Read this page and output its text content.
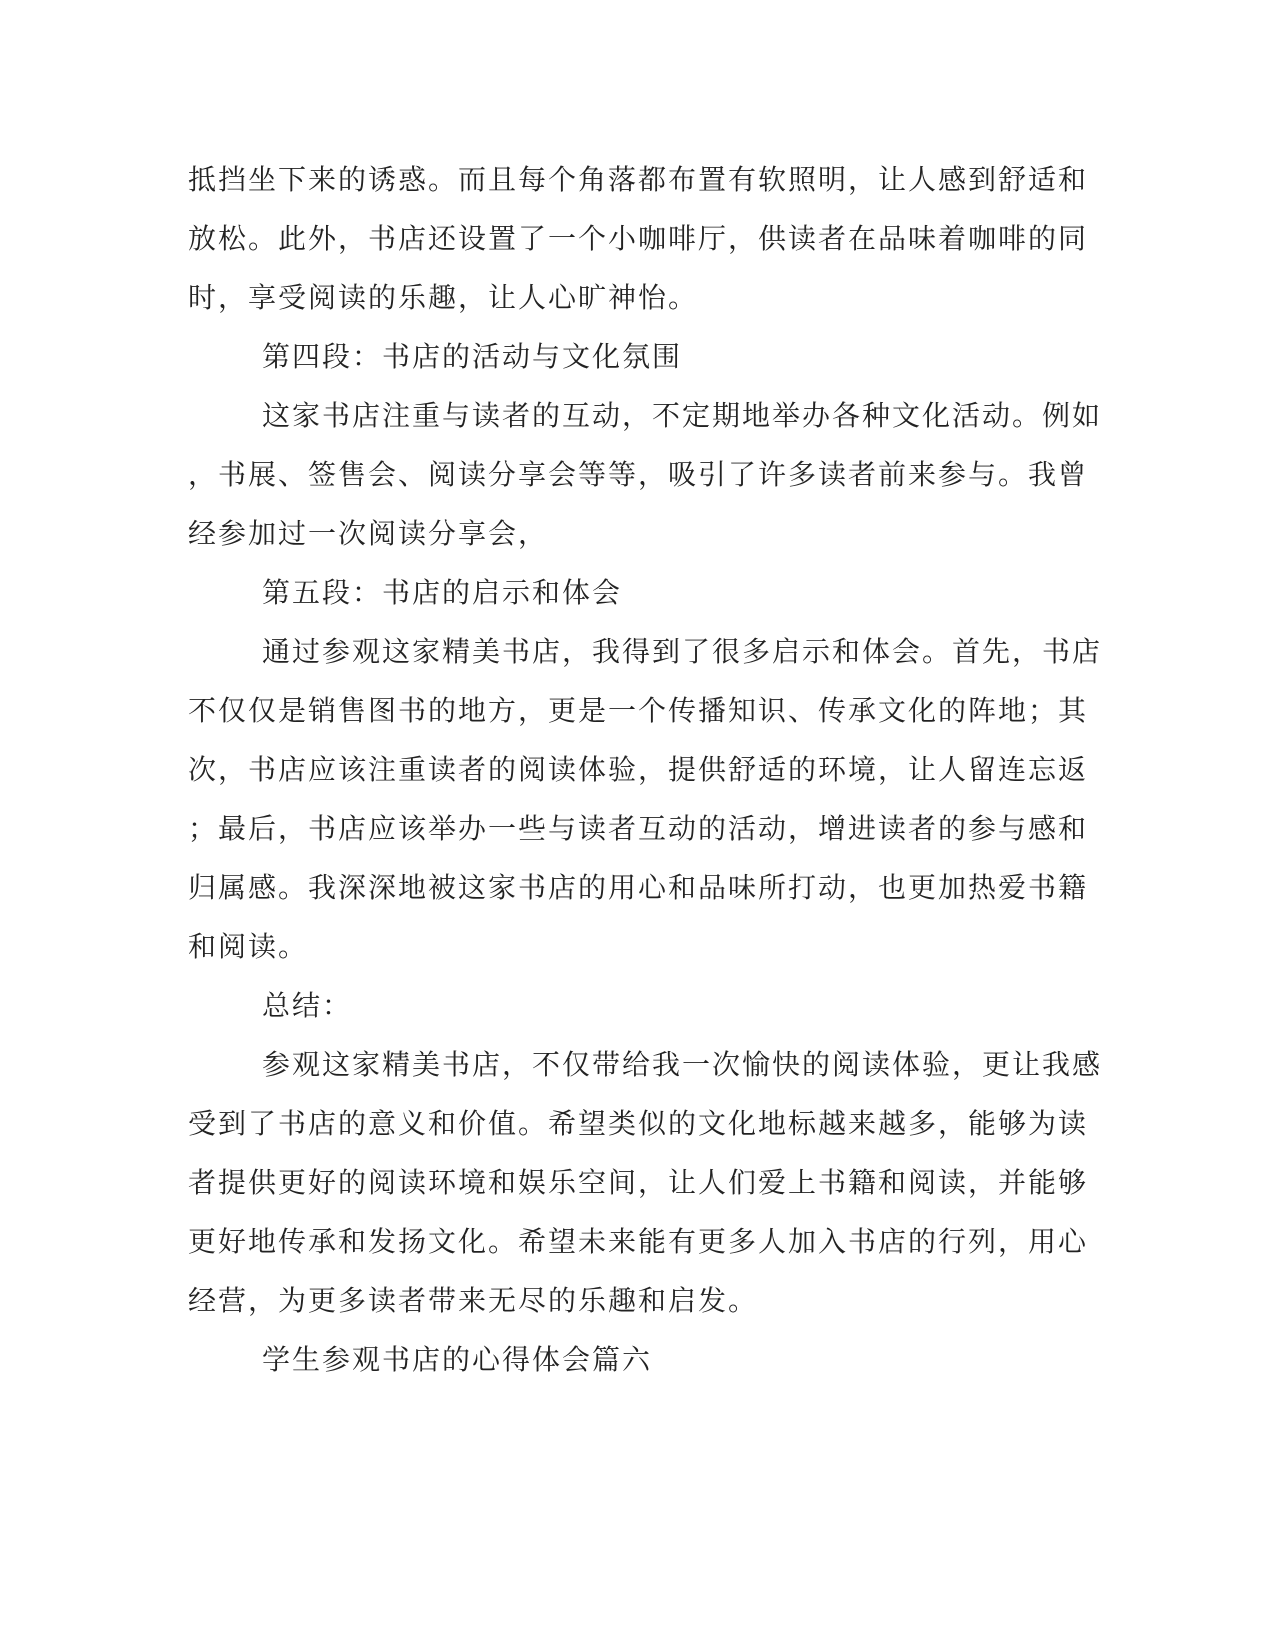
抵挡坐下来的诱惑。而且每个角落都布置有软照明，让人感到舒适和
放松。此外，书店还设置了一个小咖啡厅，供读者在品味着咖啡的同
时，享受阅读的乐趣，让人心旷神怡。
第四段：书店的活动与文化氛围
这家书店注重与读者的互动，不定期地举办各种文化活动。例如
，书展、签售会、阅读分享会等等，吸引了许多读者前来参与。我曾
经参加过一次阅读分享会，
第五段：书店的启示和体会
通过参观这家精美书店，我得到了很多启示和体会。首先，书店
不仅仅是销售图书的地方，更是一个传播知识、传承文化的阵地；其
次，书店应该注重读者的阅读体验，提供舒适的环境，让人留连忘返
；最后，书店应该举办一些与读者互动的活动，增进读者的参与感和
归属感。我深深地被这家书店的用心和品味所打动，也更加热爱书籍
和阅读。
总结：
参观这家精美书店，不仅带给我一次愉快的阅读体验，更让我感
受到了书店的意义和价值。希望类似的文化地标越来越多，能够为读
者提供更好的阅读环境和娱乐空间，让人们爱上书籍和阅读，并能够
更好地传承和发扬文化。希望未来能有更多人加入书店的行列，用心
经营，为更多读者带来无尽的乐趣和启发。
学生参观书店的心得体会篇六
